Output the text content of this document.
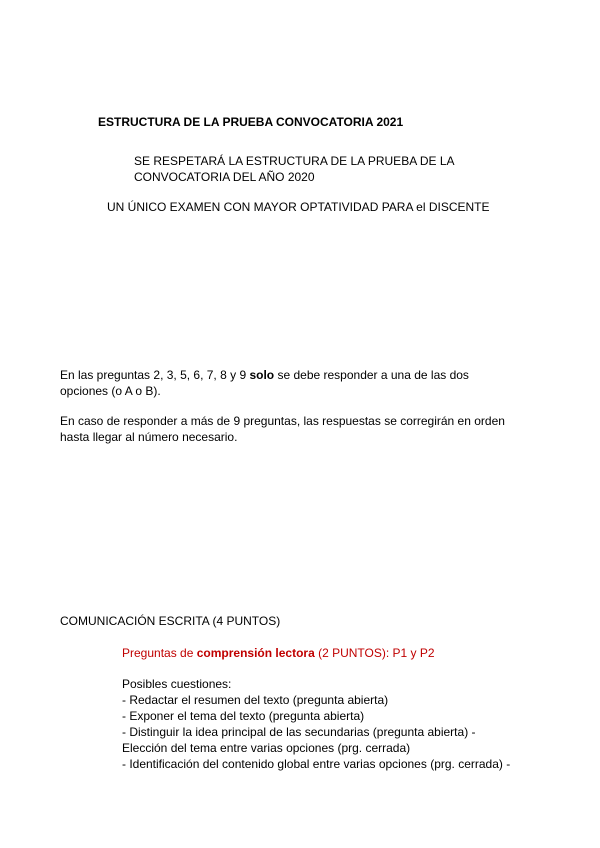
ESTRUCTURA DE LA PRUEBA CONVOCATORIA 2021
SE RESPETARÁ LA ESTRUCTURA DE LA PRUEBA DE LA
CONVOCATORIA DEL AÑO 2020
UN ÚNICO EXAMEN CON MAYOR OPTATIVIDAD PARA el DISCENTE
En las preguntas 2, 3, 5, 6, 7, 8 y 9 solo se debe responder a una de las dos
opciones (o A o B).
En caso de responder a más de 9 preguntas, las respuestas se corregirán en orden
hasta llegar al número necesario.
COMUNICACIÓN ESCRITA (4 PUNTOS)
Preguntas de comprensión lectora (2 PUNTOS): P1 y P2
Posibles cuestiones:
- Redactar el resumen del texto (pregunta abierta)
- Exponer el tema del texto (pregunta abierta)
- Distinguir la idea principal de las secundarias (pregunta abierta) -
Elección del tema entre varias opciones (prg. cerrada)
- Identificación del contenido global entre varias opciones (prg. cerrada) -
